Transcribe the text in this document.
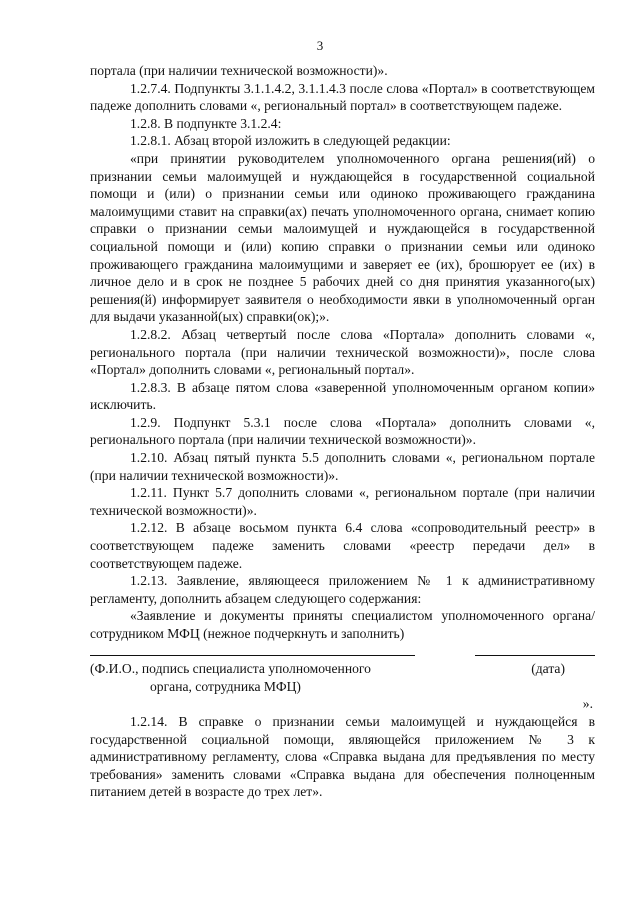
3

портала (при наличии технической возможности)».

1.2.7.4. Подпункты 3.1.1.4.2, 3.1.1.4.3 после слова «Портал» в соответствующем падеже дополнить словами «, региональный портал» в соответствующем падеже.

1.2.8. В подпункте 3.1.2.4:

1.2.8.1. Абзац второй изложить в следующей редакции:

«при принятии руководителем уполномоченного органа решения(ий) о признании семьи малоимущей и нуждающейся в государственной социальной помощи и (или) о признании семьи или одиноко проживающего гражданина малоимущими ставит на справки(ах) печать уполномоченного органа, снимает копию справки о признании семьи малоимущей и нуждающейся в государственной социальной помощи и (или) копию справки о признании семьи или одиноко проживающего гражданина малоимущими и заверяет ее (их), брошюрует ее (их) в личное дело и в срок не позднее 5 рабочих дней со дня принятия указанного(ых) решения(й) информирует заявителя о необходимости явки в уполномоченный орган для выдачи указанной(ых) справки(ок);».

1.2.8.2. Абзац четвертый после слова «Портала» дополнить словами «, регионального портала (при наличии технической возможности)», после слова «Портал» дополнить словами «, региональный портал».

1.2.8.3. В абзаце пятом слова «заверенной уполномоченным органом копии» исключить.

1.2.9. Подпункт 5.3.1 после слова «Портала» дополнить словами «, регионального портала (при наличии технической возможности)».

1.2.10. Абзац пятый пункта 5.5 дополнить словами «, региональном портале (при наличии технической возможности)».

1.2.11. Пункт 5.7 дополнить словами «, региональном портале (при наличии технической возможности)».

1.2.12. В абзаце восьмом пункта 6.4 слова «сопроводительный реестр» в соответствующем падеже заменить словами «реестр передачи дел» в соответствующем падеже.

1.2.13. Заявление, являющееся приложением № 1 к административному регламенту, дополнить абзацем следующего содержания:

«Заявление и документы приняты специалистом уполномоченного органа/ сотрудником МФЦ (нежное подчеркнуть и заполнить)

(Ф.И.О., подпись специалиста уполномоченного	(дата)

органа, сотрудника МФЦ)

».

1.2.14. В справке о признании семьи малоимущей и нуждающейся в государственной социальной помощи, являющейся приложением № 3 к административному регламенту, слова «Справка выдана для предъявления по месту требования» заменить словами «Справка выдана для обеспечения полноценным питанием детей в возрасте до трех лет».
